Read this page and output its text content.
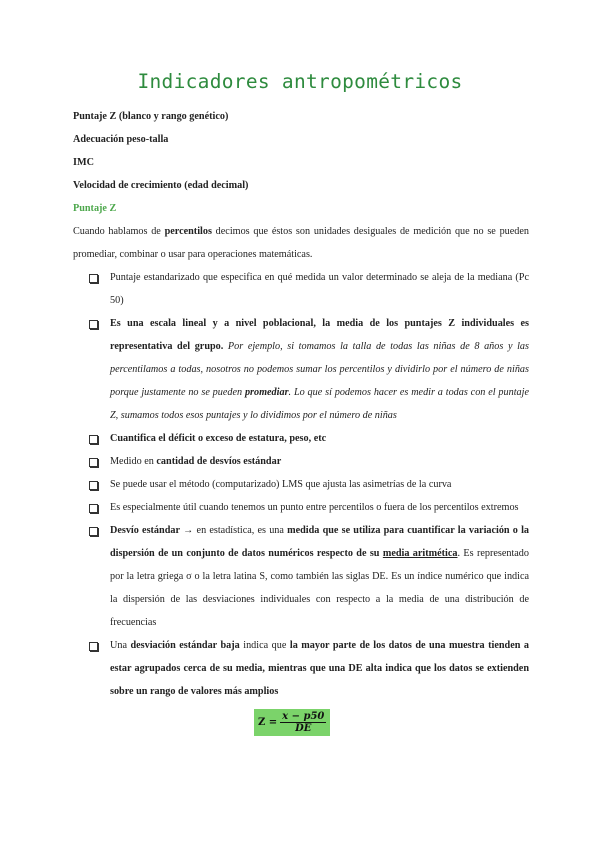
Indicadores antropométricos
Puntaje Z (blanco y rango genético)
Adecuación peso-talla
IMC
Velocidad de crecimiento (edad decimal)
Puntaje Z
Cuando hablamos de percentilos decimos que éstos son unidades desiguales de medición que no se pueden promediar, combinar o usar para operaciones matemáticas.
Puntaje estandarizado que especifica en qué medida un valor determinado se aleja de la mediana (Pc 50)
Es una escala lineal y a nivel poblacional, la media de los puntajes Z individuales es representativa del grupo. Por ejemplo, si tomamos la talla de todas las niñas de 8 años y las percentilamos a todas, nosotros no podemos sumar los percentilos y dividirlo por el número de niñas porque justamente no se pueden promediar. Lo que sí podemos hacer es medir a todas con el puntaje Z, sumamos todos esos puntajes y lo dividimos por el número de niñas
Cuantifica el déficit o exceso de estatura, peso, etc
Medido en cantidad de desvíos estándar
Se puede usar el método (computarizado) LMS que ajusta las asimetrías de la curva
Es especialmente útil cuando tenemos un punto entre percentilos o fuera de los percentilos extremos
Desvío estándar → en estadística, es una medida que se utiliza para cuantificar la variación o la dispersión de un conjunto de datos numéricos respecto de su media aritmética. Es representado por la letra griega σ o la letra latina S, como también las siglas DE. Es un índice numérico que indica la dispersión de las desviaciones individuales con respecto a la media de una distribución de frecuencias
Una desviación estándar baja indica que la mayor parte de los datos de una muestra tienden a estar agrupados cerca de su media, mientras que una DE alta indica que los datos se extienden sobre un rango de valores más amplios
$Z = \frac{x - p50}{DE}$
